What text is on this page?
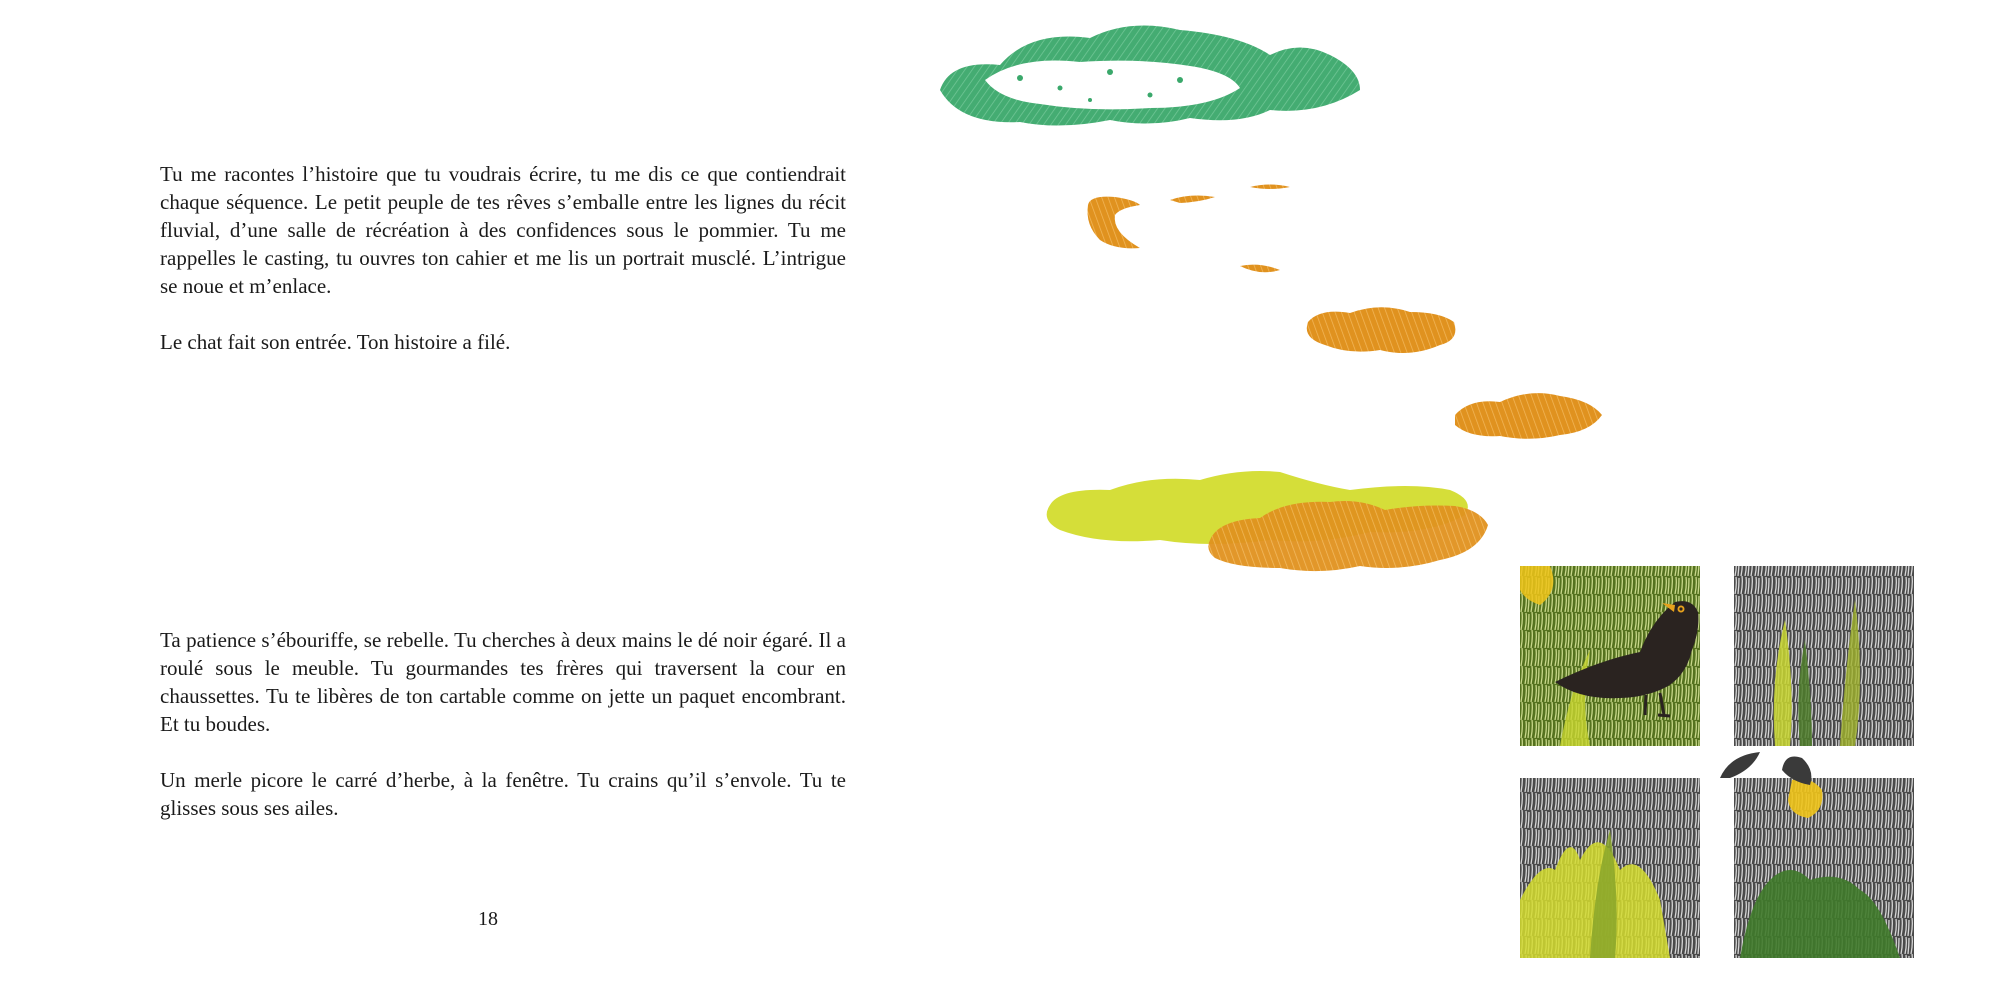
Tu me racontes l’histoire que tu voudrais écrire, tu me dis ce que contiendrait chaque séquence. Le petit peuple de tes rêves s’emballe entre les lignes du récit fluvial, d’une salle de récréation à des confidences sous le pommier. Tu me rappelles le casting, tu ouvres ton cahier et me lis un portrait musclé. L’intrigue se noue et m’enlace.

Le chat fait son entrée. Ton histoire a filé.

Ta patience s’ébouriffe, se rebelle. Tu cherches à deux mains le dé noir égaré. Il a roulé sous le meuble. Tu gourmandes tes frères qui traversent la cour en chaussettes. Tu te libères de ton cartable comme on jette un paquet encombrant. Et tu boudes.

Un merle picore le carré d’herbe, à la fenêtre. Tu crains qu’il s’envole. Tu te glisses sous ses ailes.

18
